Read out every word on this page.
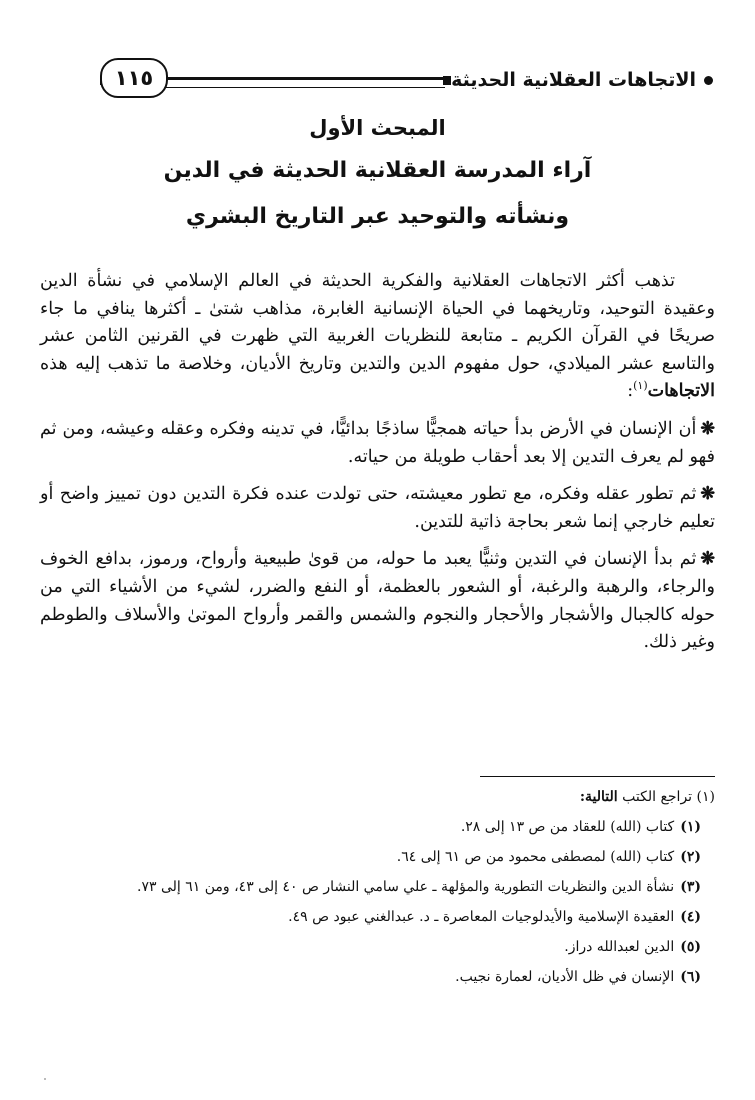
الاتجاهات العقلانية الحديثة
١١٥
المبحث الأول
آراء المدرسة العقلانية الحديثة في الدين
ونشأته والتوحيد عبر التاريخ البشري

تذهب أكثر الاتجاهات العقلانية والفكرية الحديثة في العالم الإسلامي في نشأة الدين وعقيدة التوحيد، وتاريخهما في الحياة الإنسانية الغابرة، مذاهب شتىٰ ـ أكثرها ينافي ما جاء صريحًا في القرآن الكريم ـ متابعة للنظريات الغربية التي ظهرت في القرنين الثامن عشر والتاسع عشر الميلادي، حول مفهوم الدين والتدين وتاريخ الأديان، وخلاصة ما تذهب إليه هذه الاتجاهات$^{(١)}$:

❋أن الإنسان في الأرض بدأ حياته همجيًّا ساذجًا بدائيًّا، في تدينه وفكره وعقله وعيشه، ومن ثم فهو لم يعرف التدين إلا بعد أحقاب طويلة من حياته.

❋ثم تطور عقله وفكره، مع تطور معيشته، حتى تولدت عنده فكرة التدين دون تمييز واضح أو تعليم خارجي إنما شعر بحاجة ذاتية للتدين.

❋ثم بدأ الإنسان في التدين وثنيًّا يعبد ما حوله، من قوىٰ طبيعية وأرواح، ورموز، بدافع الخوف والرجاء، والرهبة والرغبة، أو الشعور بالعظمة، أو النفع والضرر، لشيء من الأشياء التي من حوله كالجبال والأشجار والأحجار والنجوم والشمس والقمر وأرواح الموتىٰ والأسلاف والطوطم وغير ذلك.

(١) تراجع الكتب التالية:

(١)كتاب (الله) للعقاد من ص ١٣ إلى ٢٨.

(٢)كتاب (الله) لمصطفى محمود من ص ٦١ إلى ٦٤.

(٣)نشأة الدين والنظريات التطورية والمؤلهة ـ علي سامي النشار ص ٤٠ إلى ٤٣، ومن ٦١ إلى ٧٣.

(٤)العقيدة الإسلامية والأيدلوجيات المعاصرة ـ د. عبدالغني عبود ص ٤٩.

(٥)الدين لعبدالله دراز.

(٦)الإنسان في ظل الأديان، لعمارة نجيب.
